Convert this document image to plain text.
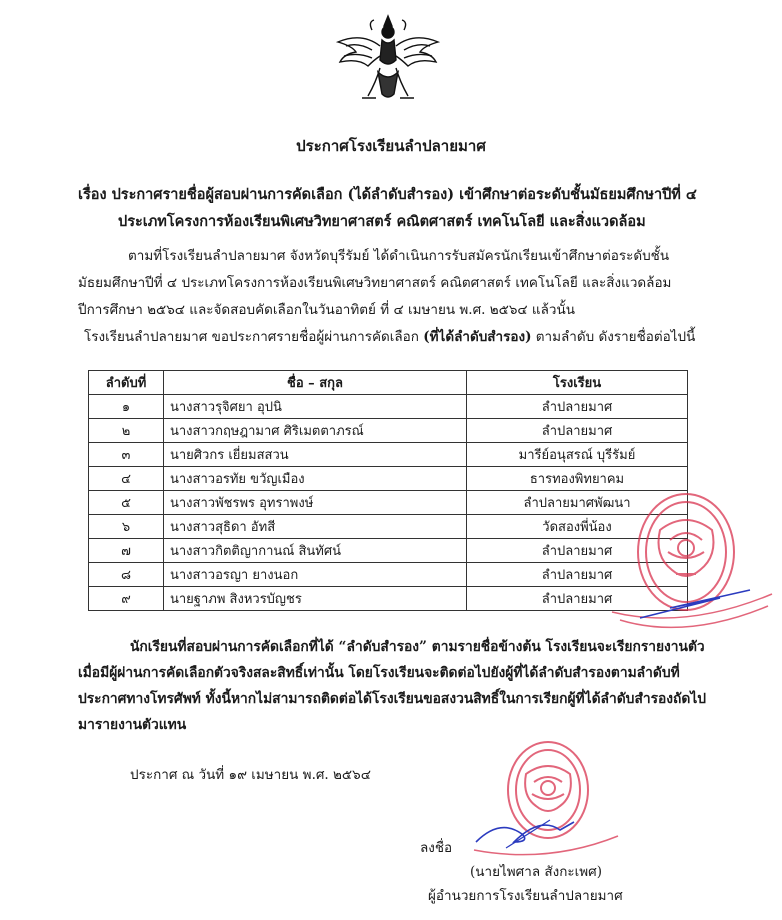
ประกาศโรงเรียนลำปลายมาศ
เรื่อง ประกาศรายชื่อผู้สอบผ่านการคัดเลือก (ได้ลำดับสำรอง) เข้าศึกษาต่อระดับชั้นมัธยมศึกษาปีที่ ๔
ประเภทโครงการห้องเรียนพิเศษวิทยาศาสตร์ คณิตศาสตร์ เทคโนโลยี และสิ่งแวดล้อม
ตามที่โรงเรียนลำปลายมาศ จังหวัดบุรีรัมย์ ได้ดำเนินการรับสมัครนักเรียนเข้าศึกษาต่อระดับชั้น
มัธยมศึกษาปีที่ ๔ ประเภทโครงการห้องเรียนพิเศษวิทยาศาสตร์ คณิตศาสตร์ เทคโนโลยี และสิ่งแวดล้อม
ปีการศึกษา ๒๕๖๔ และจัดสอบคัดเลือกในวันอาทิตย์ ที่ ๔ เมษายน พ.ศ. ๒๕๖๔ แล้วนั้น
โรงเรียนลำปลายมาศ ขอประกาศรายชื่อผู้ผ่านการคัดเลือก (ที่ได้ลำดับสำรอง) ตามลำดับ ดังรายชื่อต่อไปนี้
ลำดับที่	ชื่อ – สกุล	โรงเรียน
๑	นางสาวรุจิศยา อุปนิ	ลำปลายมาศ
๒	นางสาวกฤษฎามาศ ศิริเมตตาภรณ์	ลำปลายมาศ
๓	นายศิวกร เยี่ยมสสวน	มารีย์อนุสรณ์ บุรีรัมย์
๔	นางสาวอรทัย ขวัญเมือง	ธารทองพิทยาคม
๕	นางสาวพัชรพร อุทราพงษ์	ลำปลายมาศพัฒนา
๖	นางสาวสุธิดา อัทสี	วัดสองพี่น้อง
๗	นางสาวกิตติญากานณ์ สินทัศน์	ลำปลายมาศ
๘	นางสาวอรญา ยางนอก	ลำปลายมาศ
๙	นายฐาภพ สิงหวรบัญชร	ลำปลายมาศ
นักเรียนที่สอบผ่านการคัดเลือกที่ได้ “ลำดับสำรอง” ตามรายชื่อข้างต้น โรงเรียนจะเรียกรายงานตัว
เมื่อมีผู้ผ่านการคัดเลือกตัวจริงสละสิทธิ์เท่านั้น โดยโรงเรียนจะติดต่อไปยังผู้ที่ได้ลำดับสำรองตามลำดับที่
ประกาศทางโทรศัพท์ ทั้งนี้หากไม่สามารถติดต่อได้โรงเรียนขอสงวนสิทธิ์ในการเรียกผู้ที่ได้ลำดับสำรองถัดไป
มารายงานตัวแทน
ประกาศ ณ วันที่ ๑๙ เมษายน พ.ศ. ๒๕๖๔
ลงชื่อ
(นายไพศาล สังกะเพศ)
ผู้อำนวยการโรงเรียนลำปลายมาศ
